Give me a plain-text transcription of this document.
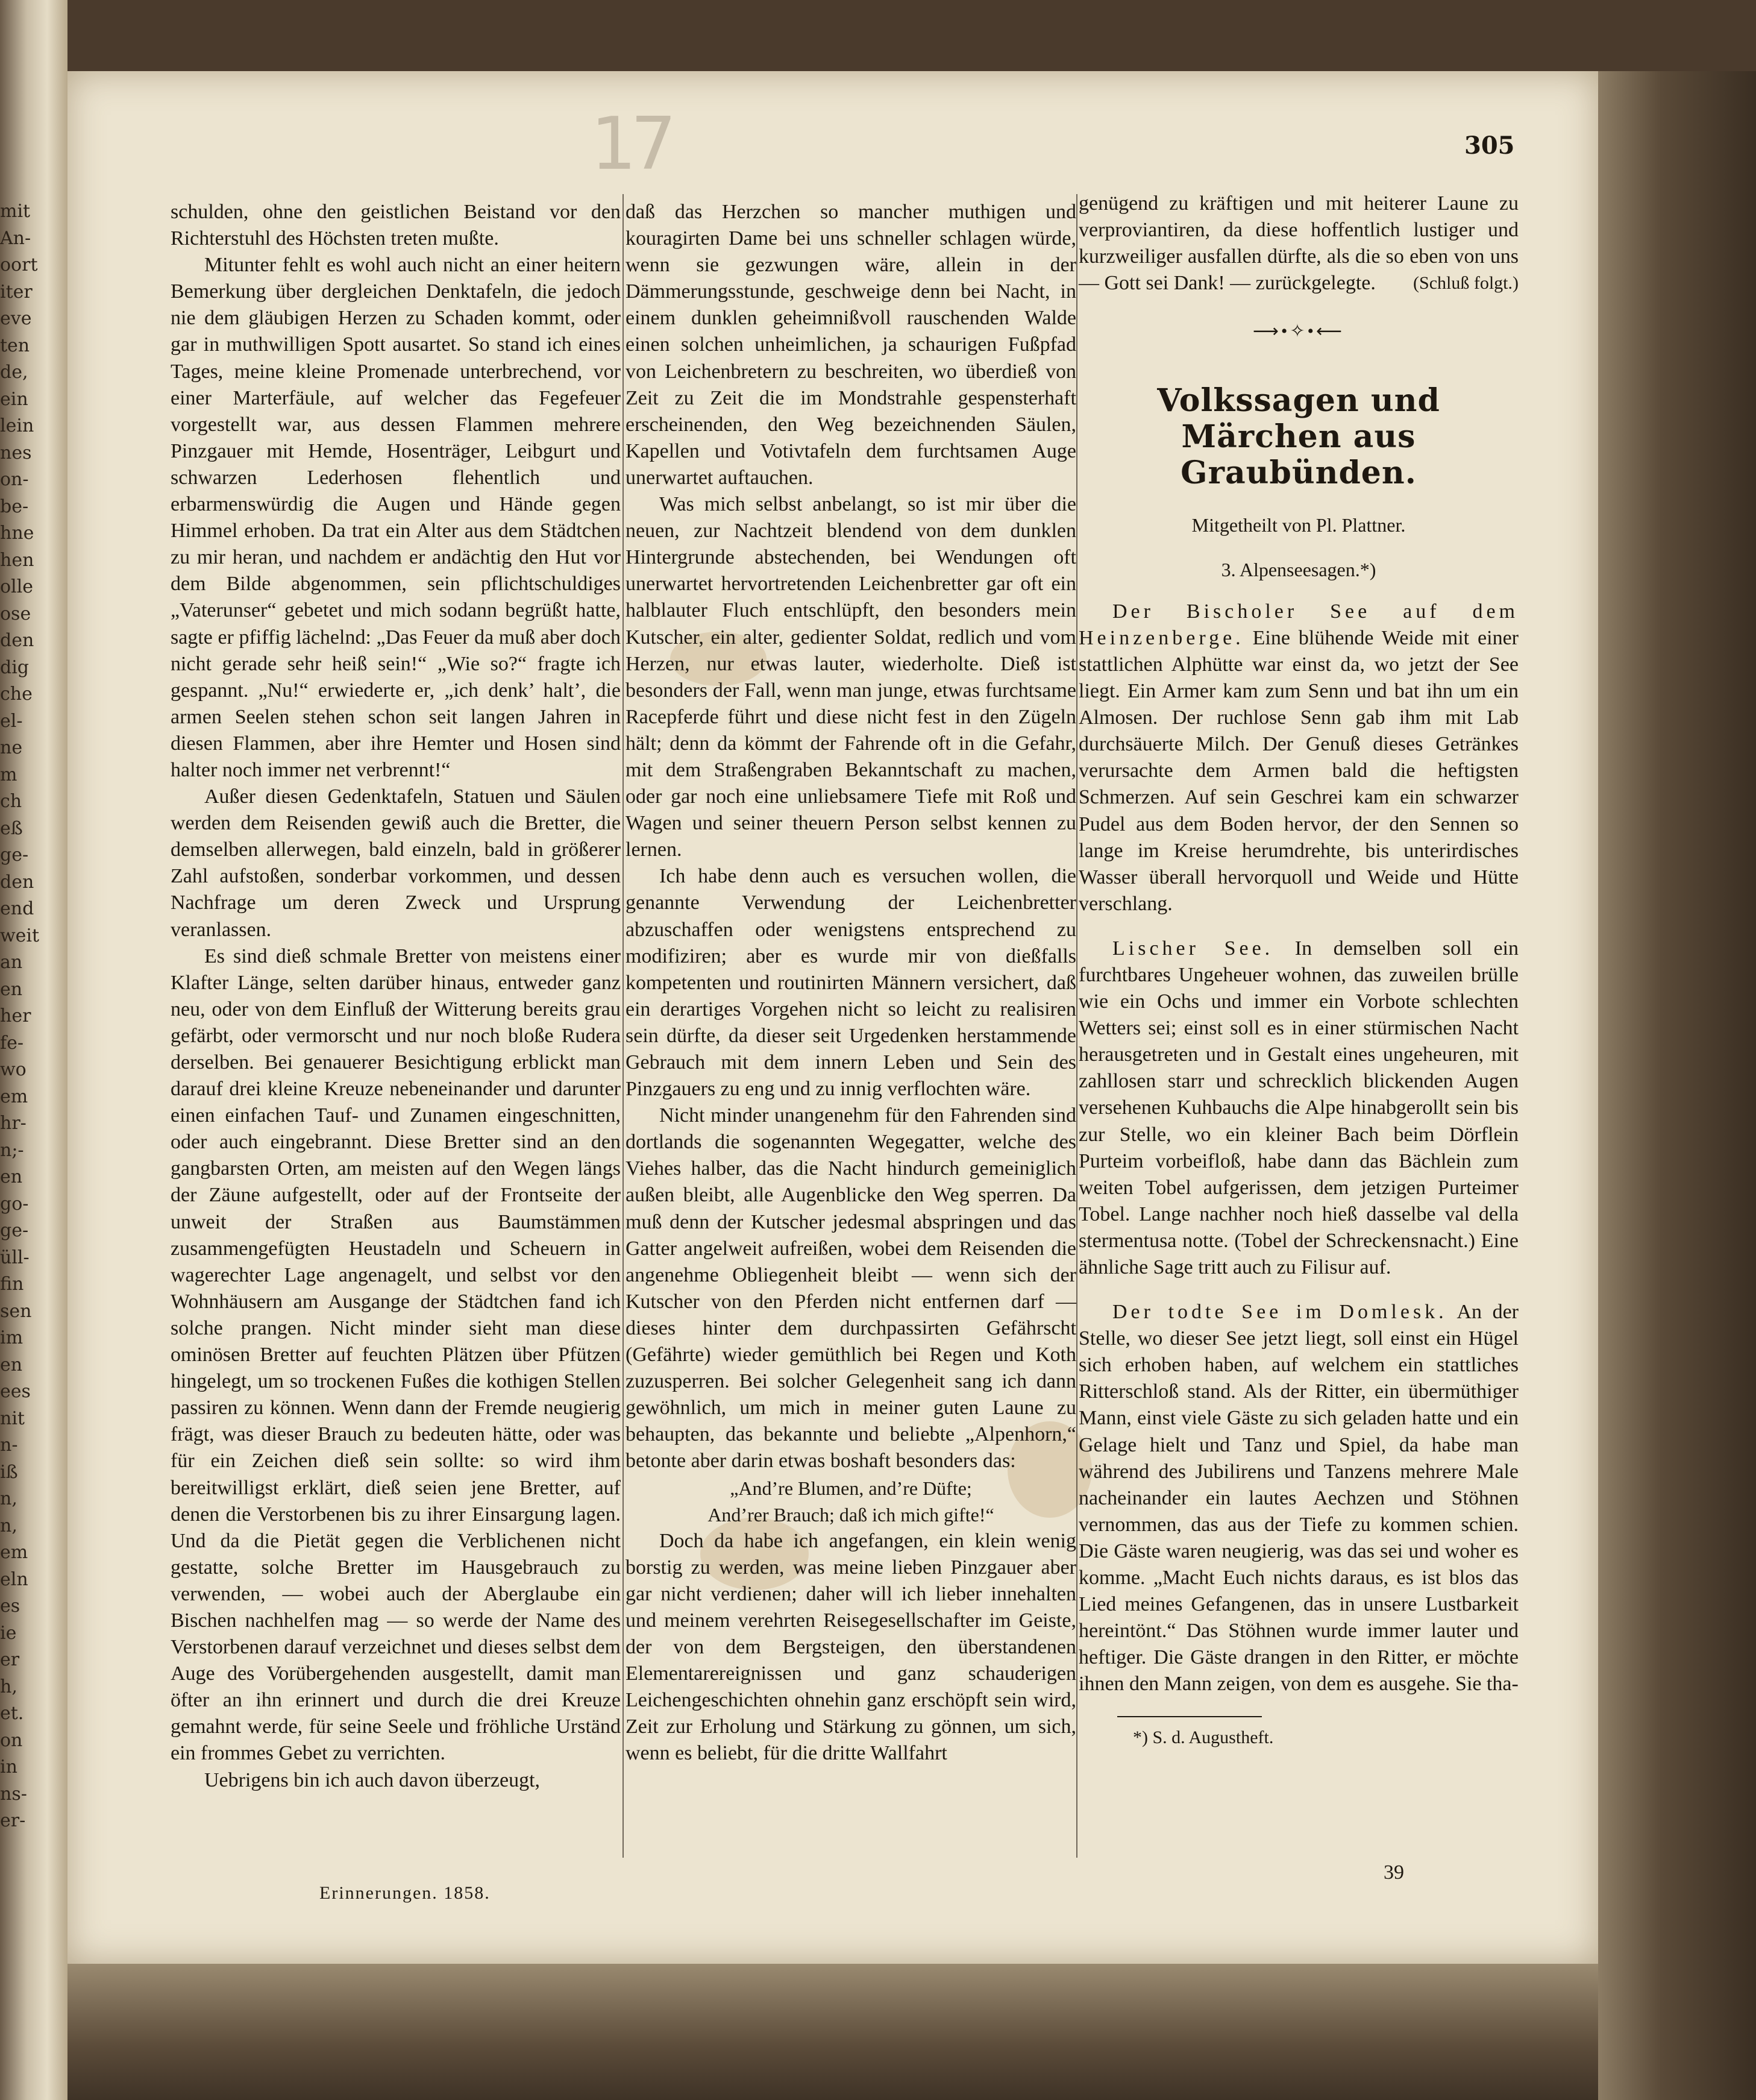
mit
An-
oort
iter
eve
ten
de,
ein
lein
nes
on-
be-
hne
hen
olle
ose
den
dig
che
el-
ne
m
ch
eß
ge-
den
end
weit
an
en
her
fe-
wo
em
hr-
n;-
en
go-
ge-
üll-
fin
sen
im
en
ees
nit
n-
iß
n,
n,
em
eln
es
ie
er
h,
et.
on
in
ns-
er-
17	305

schulden, ohne den geistlichen Beistand vor den Richterstuhl des Höchsten treten mußte.

Mitunter fehlt es wohl auch nicht an einer heitern Bemerkung über dergleichen Denktafeln, die jedoch nie dem gläubigen Herzen zu Schaden kommt, oder gar in muthwilligen Spott ausartet. So stand ich eines Tages, meine kleine Promenade unterbrechend, vor einer Marterfäule, auf welcher das Fegefeuer vorgestellt war, aus dessen Flammen mehrere Pinzgauer mit Hemde, Hosenträger, Leibgurt und schwarzen Lederhosen flehentlich und erbarmenswürdig die Augen und Hände gegen Himmel erhoben. Da trat ein Alter aus dem Städtchen zu mir heran, und nachdem er andächtig den Hut vor dem Bilde abgenommen, sein pflichtschuldiges „Vaterunser“ gebetet und mich sodann begrüßt hatte, sagte er pfiffig lächelnd: „Das Feuer da muß aber doch nicht gerade sehr heiß sein!“ „Wie so?“ fragte ich gespannt. „Nu!“ erwiederte er, „ich denk’ halt’, die armen Seelen stehen schon seit langen Jahren in diesen Flammen, aber ihre Hemter und Hosen sind halter noch immer net verbrennt!“

Außer diesen Gedenktafeln, Statuen und Säulen werden dem Reisenden gewiß auch die Bretter, die demselben allerwegen, bald einzeln, bald in größerer Zahl aufstoßen, sonderbar vorkommen, und dessen Nachfrage um deren Zweck und Ursprung veranlassen.

Es sind dieß schmale Bretter von meistens einer Klafter Länge, selten darüber hinaus, entweder ganz neu, oder von dem Einfluß der Witterung bereits grau gefärbt, oder vermorscht und nur noch bloße Rudera derselben. Bei genauerer Besichtigung erblickt man darauf drei kleine Kreuze nebeneinander und darunter einen einfachen Tauf- und Zunamen eingeschnitten, oder auch eingebrannt. Diese Bretter sind an den gangbarsten Orten, am meisten auf den Wegen längs der Zäune aufgestellt, oder auf der Frontseite der unweit der Straßen aus Baumstämmen zusammengefügten Heustadeln und Scheuern in wagerechter Lage angenagelt, und selbst vor den Wohnhäusern am Ausgange der Städtchen fand ich solche prangen. Nicht minder sieht man diese ominösen Bretter auf feuchten Plätzen über Pfützen hingelegt, um so trockenen Fußes die kothigen Stellen passiren zu können. Wenn dann der Fremde neugierig frägt, was dieser Brauch zu bedeuten hätte, oder was für ein Zeichen dieß sein sollte: so wird ihm bereitwilligst erklärt, dieß seien jene Bretter, auf denen die Verstorbenen bis zu ihrer Einsargung lagen. Und da die Pietät gegen die Verblichenen nicht gestatte, solche Bretter im Hausgebrauch zu verwenden, — wobei auch der Aberglaube ein Bischen nachhelfen mag — so werde der Name des Verstorbenen darauf verzeichnet und dieses selbst dem Auge des Vorübergehenden ausgestellt, damit man öfter an ihn erinnert und durch die drei Kreuze gemahnt werde, für seine Seele und fröhliche Urständ ein frommes Gebet zu verrichten.

Uebrigens bin ich auch davon überzeugt,

daß das Herzchen so mancher muthigen und kouragirten Dame bei uns schneller schlagen würde, wenn sie gezwungen wäre, allein in der Dämmerungsstunde, geschweige denn bei Nacht, in einem dunklen geheimnißvoll rauschenden Walde einen solchen unheimlichen, ja schaurigen Fußpfad von Leichenbretern zu beschreiten, wo überdieß von Zeit zu Zeit die im Mondstrahle gespensterhaft erscheinenden, den Weg bezeichnenden Säulen, Kapellen und Votivtafeln dem furchtsamen Auge unerwartet auftauchen.

Was mich selbst anbelangt, so ist mir über die neuen, zur Nachtzeit blendend von dem dunklen Hintergrunde abstechenden, bei Wendungen oft unerwartet hervortretenden Leichenbretter gar oft ein halblauter Fluch entschlüpft, den besonders mein Kutscher, ein alter, gedienter Soldat, redlich und vom Herzen, nur etwas lauter, wiederholte. Dieß ist besonders der Fall, wenn man junge, etwas furchtsame Racepferde führt und diese nicht fest in den Zügeln hält; denn da kömmt der Fahrende oft in die Gefahr, mit dem Straßengraben Bekanntschaft zu machen, oder gar noch eine unliebsamere Tiefe mit Roß und Wagen und seiner theuern Person selbst kennen zu lernen.

Ich habe denn auch es versuchen wollen, die genannte Verwendung der Leichenbretter abzuschaffen oder wenigstens entsprechend zu modifiziren; aber es wurde mir von dießfalls kompetenten und routinirten Männern versichert, daß ein derartiges Vorgehen nicht so leicht zu realisiren sein dürfte, da dieser seit Urgedenken herstammende Gebrauch mit dem innern Leben und Sein des Pinzgauers zu eng und zu innig verflochten wäre.

Nicht minder unangenehm für den Fahrenden sind dortlands die sogenannten Wegegatter, welche des Viehes halber, das die Nacht hindurch gemeiniglich außen bleibt, alle Augenblicke den Weg sperren. Da muß denn der Kutscher jedesmal abspringen und das Gatter angelweit aufreißen, wobei dem Reisenden die angenehme Obliegenheit bleibt — wenn sich der Kutscher von den Pferden nicht entfernen darf — dieses hinter dem durchpassirten Gefährscht (Gefährte) wieder gemüthlich bei Regen und Koth zuzusperren. Bei solcher Gelegenheit sang ich dann gewöhnlich, um mich in meiner guten Laune zu behaupten, das bekannte und beliebte „Alpenhorn,“ betonte aber darin etwas boshaft besonders das:

„And’re Blumen, and’re Düfte;

And’rer Brauch; daß ich mich gifte!“

Doch da habe ich angefangen, ein klein wenig borstig zu werden, was meine lieben Pinzgauer aber gar nicht verdienen; daher will ich lieber innehalten und meinem verehrten Reisegesellschafter im Geiste, der von dem Bergsteigen, den überstandenen Elementarereignissen und ganz schauderigen Leichengeschichten ohnehin ganz erschöpft sein wird, Zeit zur Erholung und Stärkung zu gönnen, um sich, wenn es beliebt, für die dritte Wallfahrt

genügend zu kräftigen und mit heiterer Laune zu verproviantiren, da diese hoffentlich lustiger und kurzweiliger ausfallen dürfte, als die so eben von uns — Gott sei Dank! — zurückgelegte.	(Schluß folgt.)

⟶•✧•⟵

Volkssagen und Märchen aus Graubünden.

Mitgetheilt von Pl. Plattner.

3. Alpenseesagen.*)

Der Bischoler See auf dem Heinzenberge. Eine blühende Weide mit einer stattlichen Alphütte war einst da, wo jetzt der See liegt. Ein Armer kam zum Senn und bat ihn um ein Almosen. Der ruchlose Senn gab ihm mit Lab durchsäuerte Milch. Der Genuß dieses Getränkes verursachte dem Armen bald die heftigsten Schmerzen. Auf sein Geschrei kam ein schwarzer Pudel aus dem Boden hervor, der den Sennen so lange im Kreise herumdrehte, bis unterirdisches Wasser überall hervorquoll und Weide und Hütte verschlang.

Lischer See. In demselben soll ein furchtbares Ungeheuer wohnen, das zuweilen brülle wie ein Ochs und immer ein Vorbote schlechten Wetters sei; einst soll es in einer stürmischen Nacht herausgetreten und in Gestalt eines ungeheuren, mit zahllosen starr und schrecklich blickenden Augen versehenen Kuhbauchs die Alpe hinabgerollt sein bis zur Stelle, wo ein kleiner Bach beim Dörflein Purteim vorbeifloß, habe dann das Bächlein zum weiten Tobel aufgerissen, dem jetzigen Purteimer Tobel. Lange nachher noch hieß dasselbe val della stermentusa notte. (Tobel der Schreckensnacht.) Eine ähnliche Sage tritt auch zu Filisur auf.

Der todte See im Domlesk. An der Stelle, wo dieser See jetzt liegt, soll einst ein Hügel sich erhoben haben, auf welchem ein stattliches Ritterschloß stand. Als der Ritter, ein übermüthiger Mann, einst viele Gäste zu sich geladen hatte und ein Gelage hielt und Tanz und Spiel, da habe man während des Jubilirens und Tanzens mehrere Male nacheinander ein lautes Aechzen und Stöhnen vernommen, das aus der Tiefe zu kommen schien. Die Gäste waren neugierig, was das sei und woher es komme. „Macht Euch nichts daraus, es ist blos das Lied meines Gefangenen, das in unsere Lustbarkeit hereintönt.“ Das Stöhnen wurde immer lauter und heftiger. Die Gäste drangen in den Ritter, er möchte ihnen den Mann zeigen, von dem es ausgehe. Sie tha-

*) S. d. Augustheft.

Erinnerungen. 1858.
39
